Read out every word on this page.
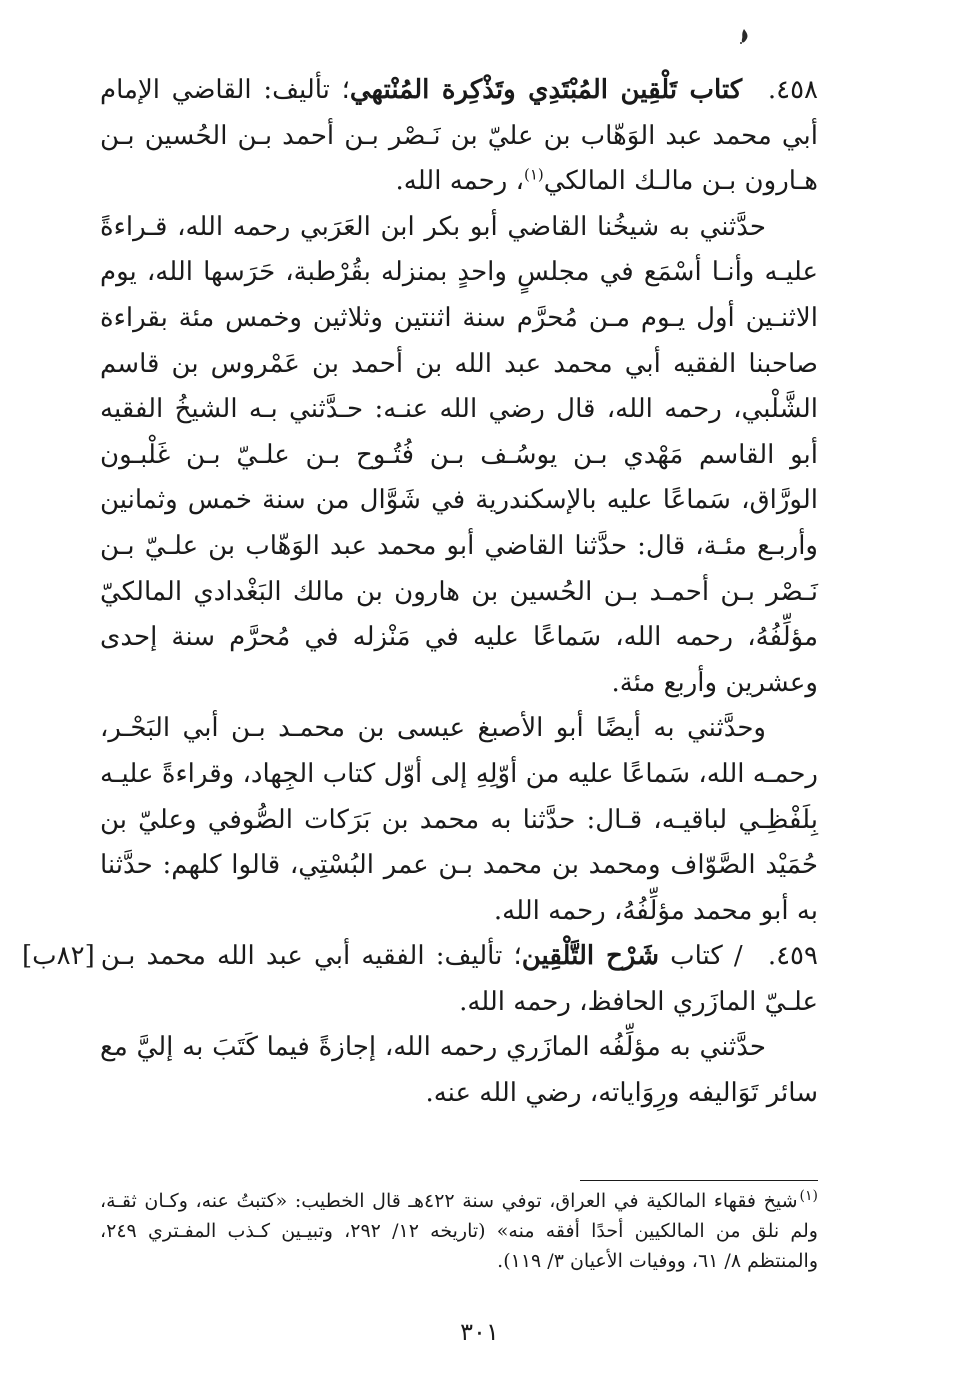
٤٥٨. كتاب تَلْقِين المُبْتَدِي وتَذْكِرة المُنْتهي؛ تأليف: القاضي الإمام أبي محمد عبد الوَهّاب بن عليّ بن نَـصْر بـن أحمد بـن الحُسين بـن هـارون بـن مالـك المالكي$^{(١)}$، رحمه الله.

حدَّثني به شيخُنا القاضي أبو بكر ابن العَرَبي رحمه الله، قـراءةً عليـه وأنـا أسْمَع في مجلسٍ واحدٍ بمنزله بقُرْطبة، حَرَسها الله، يوم الاثنـين أول يـوم مـن مُحرَّم سنة اثنتين وثلاثين وخمس مئة بقراءة صاحبنا الفقيه أبي محمد عبد الله بن أحمد بن عَمْروس بن قاسم الشَّلْبي، رحمه الله، قال رضي الله عنـه: حـدَّثني بـه الشيخُ الفقيه أبو القاسم مَهْدي بـن يوسُـف بـن فُتُـوح بـن علـيّ بـن غَلْبـون الورَّاق، سَماعًا عليه بالإسكندرية في شَوَّال من سنة خمس وثمانين وأربـع مئـة، قال: حدَّثنا القاضي أبو محمد عبد الوَهّاب بن علـيّ بـن نَـصْر بـن أحمـد بـن الحُسين بن هارون بن مالك البَغْدادي المالكيّ مؤلِّفُهُ، رحمه الله، سَماعًا عليه في مَنْزله في مُحرَّم سنة إحدى وعشرين وأربع مئة.

وحدَّثني به أيضًا أبو الأصبغ عيسى بن محمـد بـن أبي البَحْـر، رحمـه الله، سَماعًا عليه من أوّلِهِ إلى أوّل كتاب الجِهاد، وقراءةً عليـه بِلَفْظِـي لباقيـه، قـال: حدَّثنا به محمد بن بَرَكات الصُّوفي وعليّ بن حُمَيْد الصَّوّاف ومحمد بن محمد بـن عمر البُسْتِي، قالوا كلهم: حدَّثنا به أبو محمد مؤلِّفُهُ، رحمه الله.

[٨٢ب]	٤٥٩. / كتاب شَرْح التَّلْقِين؛ تأليف: الفقيه أبي عبد الله محمد بـن علـيّ المازَري الحافظ، رحمه الله.

حدَّثني به مؤلِّفُه المازَري رحمه الله، إجازةً فيما كَتَبَ به إليَّ مع سائر تَوَاليفه ورِوَاياته، رضي الله عنه.

$^{(١)}$شيخ فقهاء المالكية في العراق، توفي سنة ٤٢٢هـ قال الخطيب: «كتبتُ عنه، وكـان ثقـة، ولم نلق من المالكيين أحدًا أفقه منه» (تاريخه ١٢/ ٢٩٢، وتبيـين كـذب المفـتري ٢٤٩، والمنتظم ٨/ ٦١، ووفيات الأعيان ٣/ ١١٩).
٣٠١
